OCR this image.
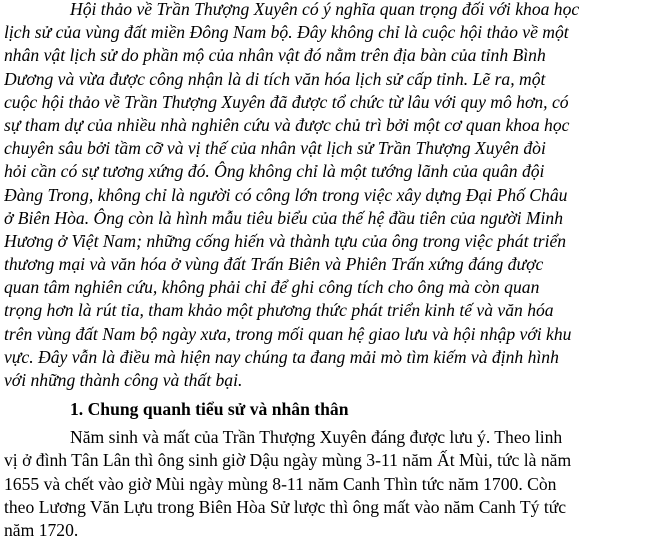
Hội thảo về Trần Thượng Xuyên có ý nghĩa quan trọng đối với khoa học
lịch sử của vùng đất miền Đông Nam bộ. Đây không chỉ là cuộc hội thảo về một
nhân vật lịch sử do phần mộ của nhân vật đó nằm trên địa bàn của tỉnh Bình
Dương và vừa được công nhận là di tích văn hóa lịch sử cấp tỉnh. Lẽ ra, một
cuộc hội thảo về Trần Thượng Xuyên đã được tổ chức từ lâu với quy mô hơn, có
sự tham dự của nhiều nhà nghiên cứu và được chủ trì bởi một cơ quan khoa học
chuyên sâu bởi tầm cỡ và vị thế của nhân vật lịch sử Trần Thượng Xuyên đòi
hỏi cần có sự tương xứng đó. Ông không chỉ là một tướng lãnh của quân đội
Đàng Trong, không chỉ là người có công lớn trong việc xây dựng Đại Phố Châu
ở Biên Hòa. Ông còn là hình mẫu tiêu biểu của thế hệ đầu tiên của người Minh
Hương ở Việt Nam; những cống hiến và thành tựu của ông trong việc phát triển
thương mại và văn hóa ở vùng đất Trấn Biên và Phiên Trấn xứng đáng được
quan tâm nghiên cứu, không phải chỉ để ghi công tích cho ông mà còn quan
trọng hơn là rút tỉa, tham khảo một phương thức phát triển kinh tế và văn hóa
trên vùng đất Nam bộ ngày xưa, trong mối quan hệ giao lưu và hội nhập với khu
vực. Đây vẫn là điều mà hiện nay chúng ta đang mải mò tìm kiếm và định hình
với những thành công và thất bại.
1. Chung quanh tiểu sử và nhân thân
Năm sinh và mất của Trần Thượng Xuyên đáng được lưu ý. Theo linh
vị ở đình Tân Lân thì ông sinh giờ Dậu ngày mùng 3-11 năm Ất Mùi, tức là năm
1655 và chết vào giờ Mùi ngày mùng 8-11 năm Canh Thìn tức năm 1700. Còn
theo Lương Văn Lựu trong Biên Hòa Sử lược thì ông mất vào năm Canh Tý tức
năm 1720.
